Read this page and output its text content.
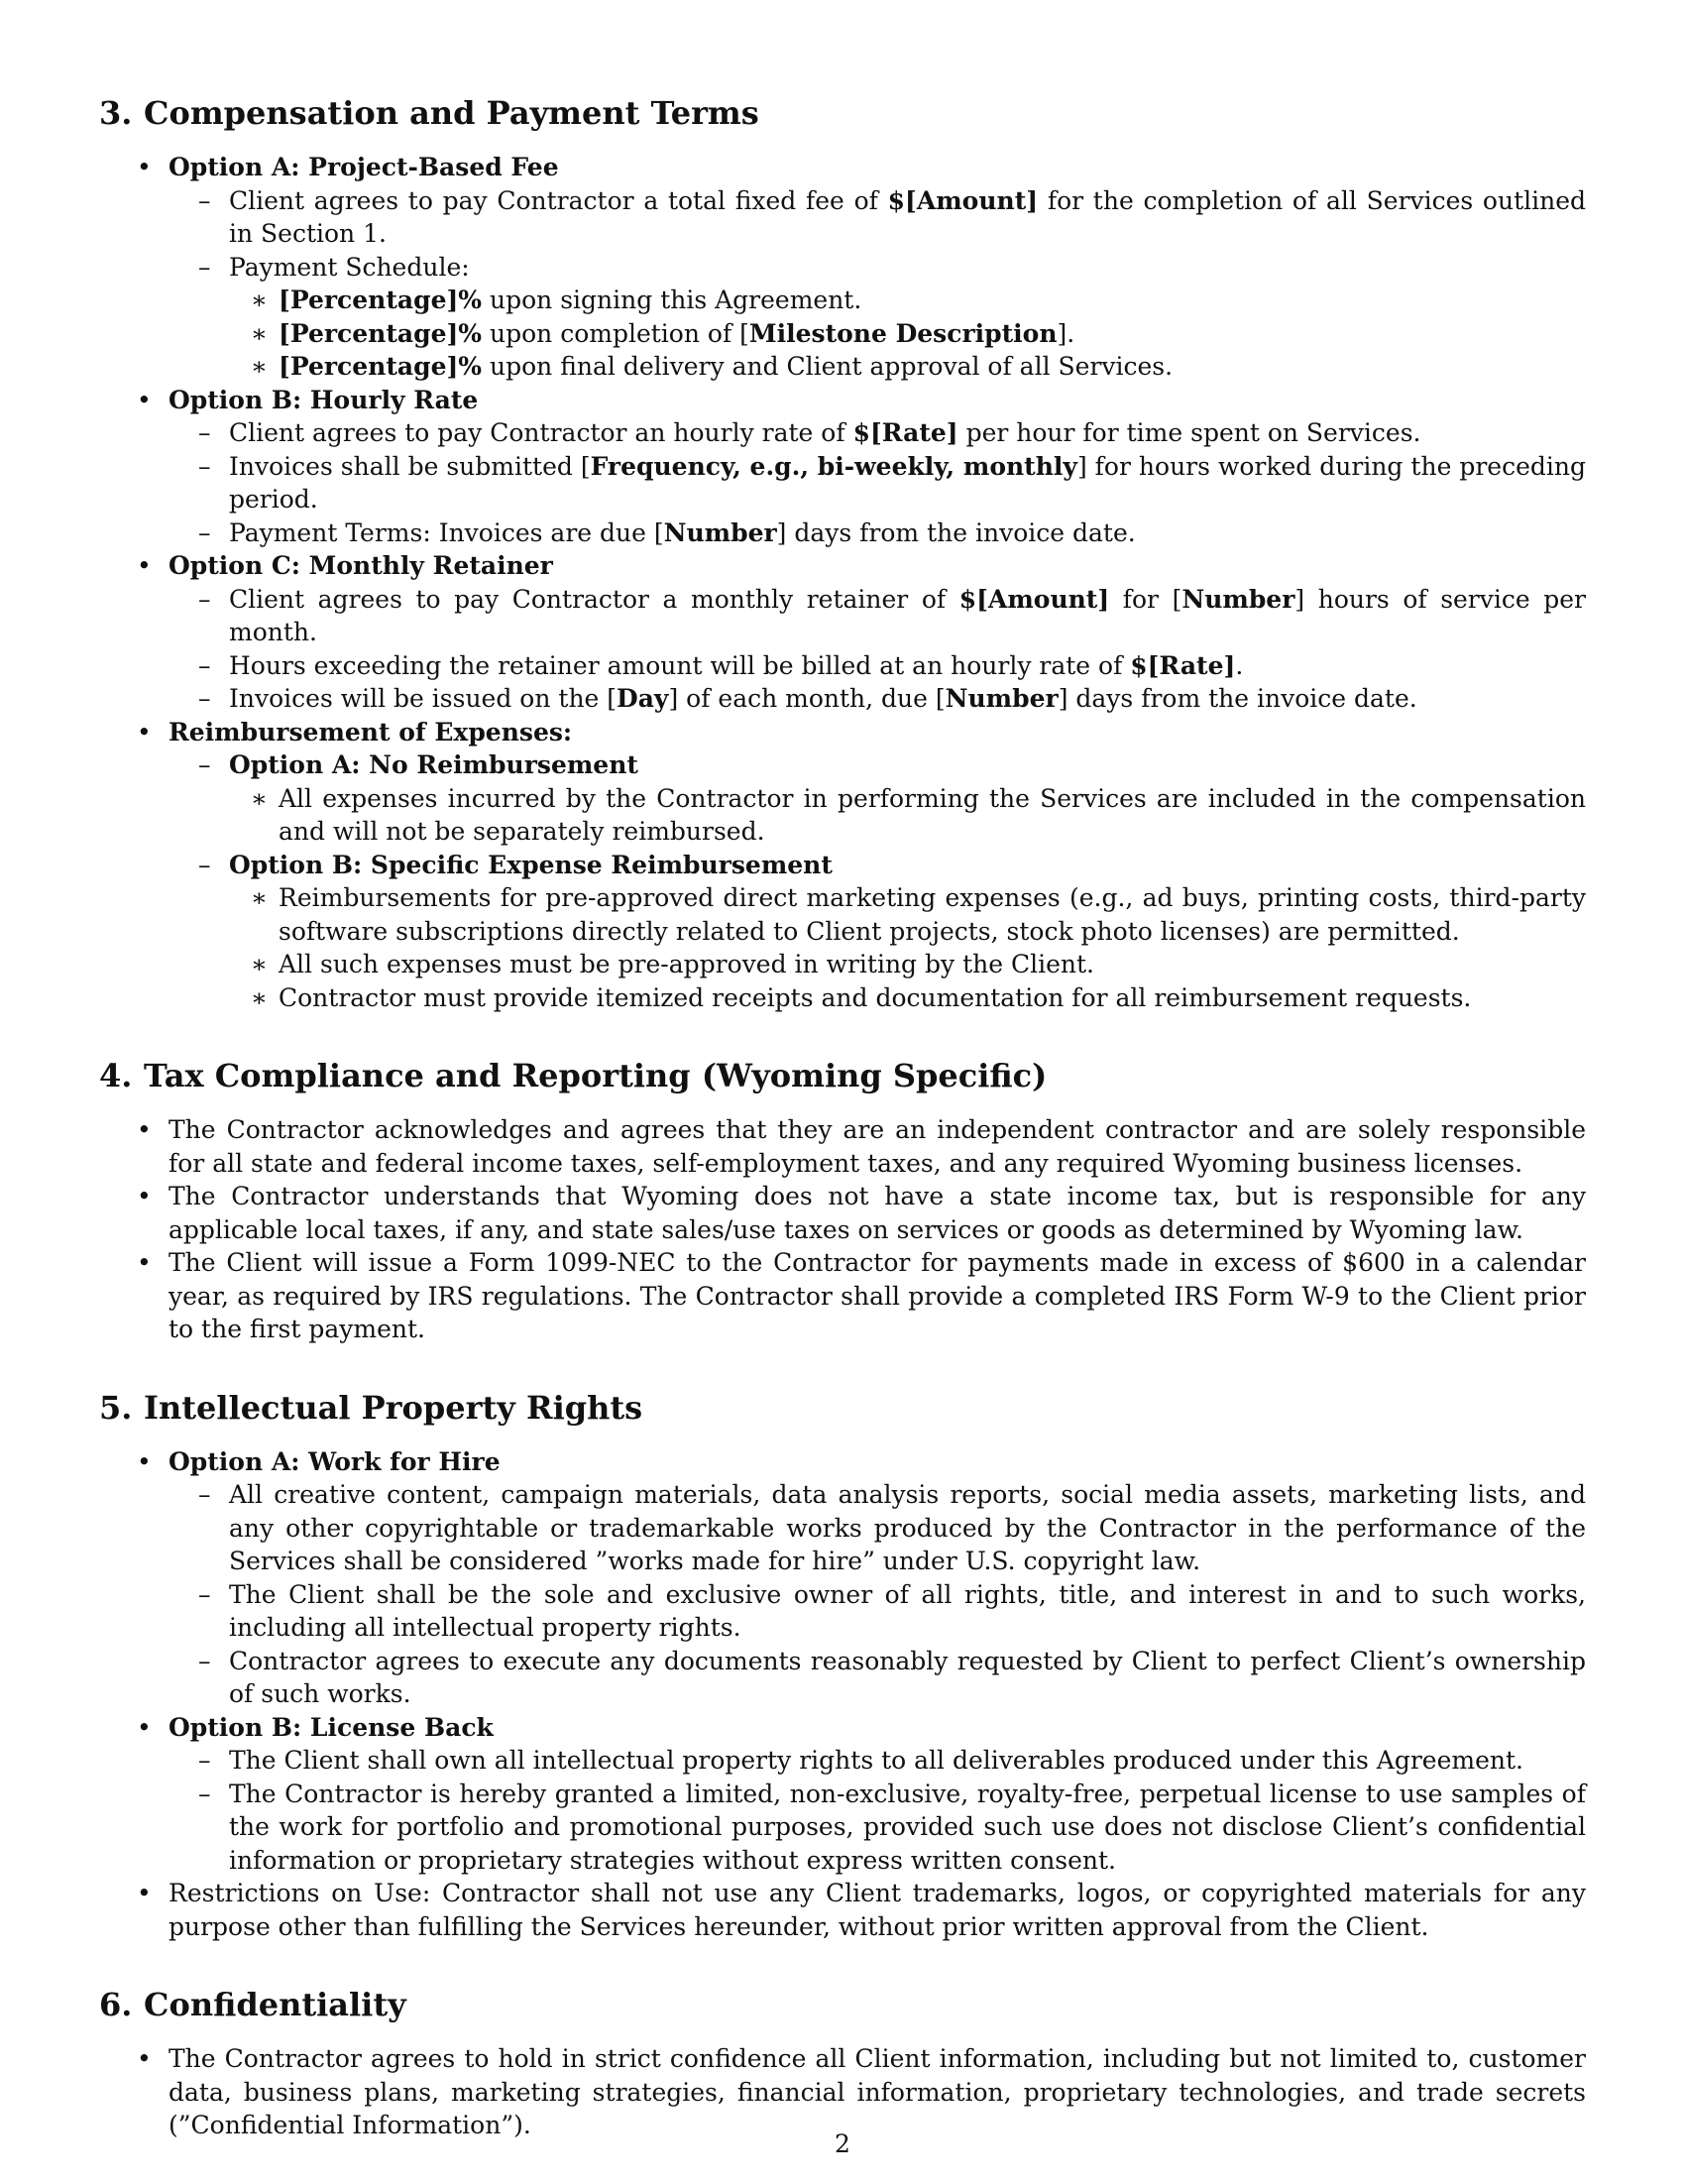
3. Compensation and Payment Terms
• Option A: Project-Based Fee
– Client agrees to pay Contractor a total fixed fee of $[Amount] for the completion of all Services outlined in Section 1.
– Payment Schedule:
∗ [Percentage]% upon signing this Agreement.
∗ [Percentage]% upon completion of [Milestone Description].
∗ [Percentage]% upon final delivery and Client approval of all Services.
• Option B: Hourly Rate
– Client agrees to pay Contractor an hourly rate of $[Rate] per hour for time spent on Services.
– Invoices shall be submitted [Frequency, e.g., bi-weekly, monthly] for hours worked during the preceding period.
– Payment Terms: Invoices are due [Number] days from the invoice date.
• Option C: Monthly Retainer
– Client agrees to pay Contractor a monthly retainer of $[Amount] for [Number] hours of service per month.
– Hours exceeding the retainer amount will be billed at an hourly rate of $[Rate].
– Invoices will be issued on the [Day] of each month, due [Number] days from the invoice date.
• Reimbursement of Expenses:
– Option A: No Reimbursement
∗ All expenses incurred by the Contractor in performing the Services are included in the compensation and will not be separately reimbursed.
– Option B: Specific Expense Reimbursement
∗ Reimbursements for pre-approved direct marketing expenses (e.g., ad buys, printing costs, third-party software subscriptions directly related to Client projects, stock photo licenses) are permitted.
∗ All such expenses must be pre-approved in writing by the Client.
∗ Contractor must provide itemized receipts and documentation for all reimbursement requests.
4. Tax Compliance and Reporting (Wyoming Specific)
• The Contractor acknowledges and agrees that they are an independent contractor and are solely responsible for all state and federal income taxes, self-employment taxes, and any required Wyoming business licenses.
• The Contractor understands that Wyoming does not have a state income tax, but is responsible for any applicable local taxes, if any, and state sales/use taxes on services or goods as determined by Wyoming law.
• The Client will issue a Form 1099-NEC to the Contractor for payments made in excess of $600 in a calendar year, as required by IRS regulations. The Contractor shall provide a completed IRS Form W-9 to the Client prior to the first payment.
5. Intellectual Property Rights
• Option A: Work for Hire
– All creative content, campaign materials, data analysis reports, social media assets, marketing lists, and any other copyrightable or trademarkable works produced by the Contractor in the performance of the Services shall be considered ”works made for hire” under U.S. copyright law.
– The Client shall be the sole and exclusive owner of all rights, title, and interest in and to such works, including all intellectual property rights.
– Contractor agrees to execute any documents reasonably requested by Client to perfect Client’s ownership of such works.
• Option B: License Back
– The Client shall own all intellectual property rights to all deliverables produced under this Agreement.
– The Contractor is hereby granted a limited, non-exclusive, royalty-free, perpetual license to use samples of the work for portfolio and promotional purposes, provided such use does not disclose Client’s confidential information or proprietary strategies without express written consent.
• Restrictions on Use: Contractor shall not use any Client trademarks, logos, or copyrighted materials for any purpose other than fulfilling the Services hereunder, without prior written approval from the Client.
6. Confidentiality
• The Contractor agrees to hold in strict confidence all Client information, including but not limited to, customer data, business plans, marketing strategies, financial information, proprietary technologies, and trade secrets (”Confidential Information”).
2
